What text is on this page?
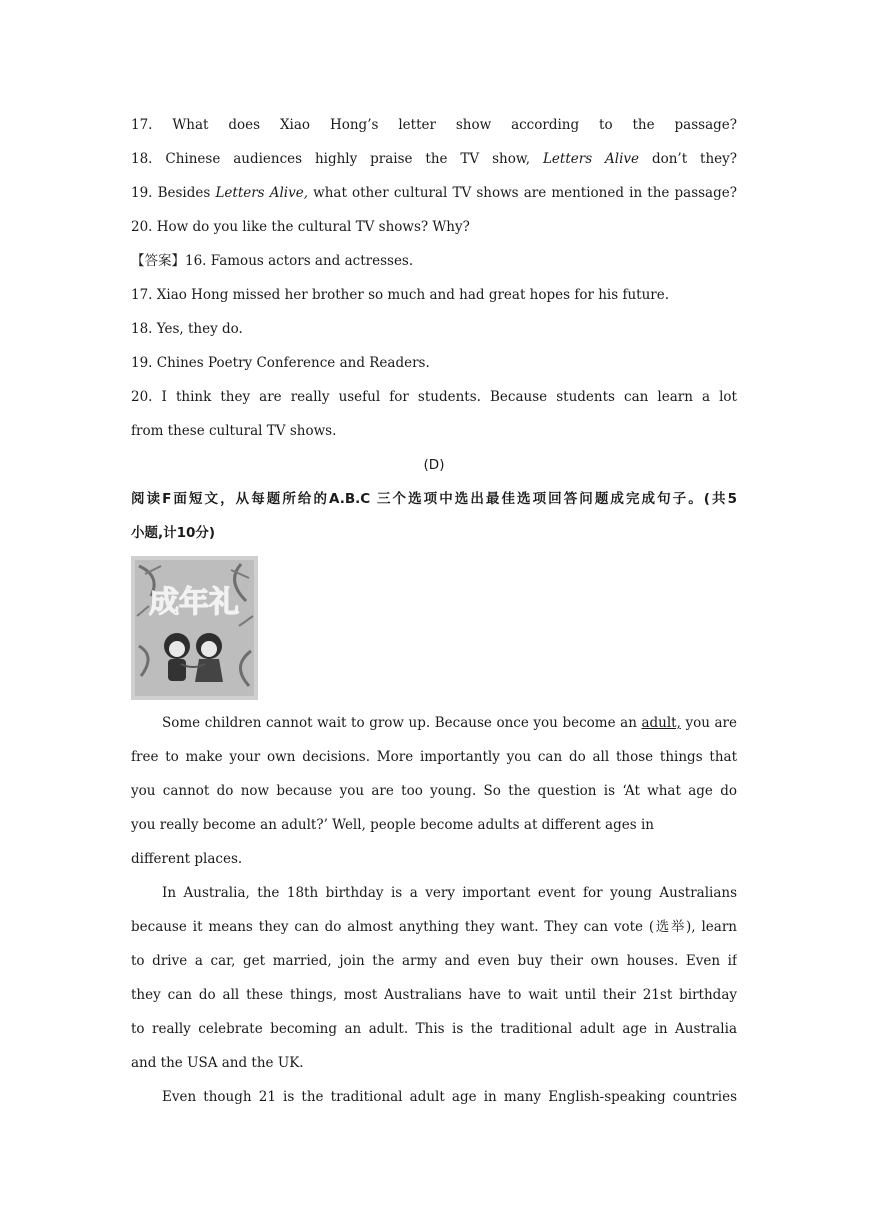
17. What does Xiao Hong’s letter show according to the passage?
18. Chinese audiences highly praise the TV show, Letters Alive don’t they?
19. Besides Letters Alive, what other cultural TV shows are mentioned in the passage?
20. How do you like the cultural TV shows? Why?
【答案】16. Famous actors and actresses.
17. Xiao Hong missed her brother so much and had great hopes for his future.
18. Yes, they do.
19. Chines Poetry Conference and Readers.
20. I think they are really useful for students. Because students can learn a lot
from these cultural TV shows.
(D)
阅读F面短文，从每题所给的A.B.C 三个选项中选出最佳选项回答问题成完成句子。(共5
小题,计10分)
成年礼
Some children cannot wait to grow up. Because once you become an adult, you are
free to make your own decisions. More importantly you can do all those things that
you cannot do now because you are too young. So the question is ‘At what age do
you really become an adult?’ Well, people become adults at different ages in
different places.
In Australia, the 18th birthday is a very important event for young Australians
because it means they can do almost anything they want. They can vote (选举), learn
to drive a car, get married, join the army and even buy their own houses. Even if
they can do all these things, most Australians have to wait until their 21st birthday
to really celebrate becoming an adult. This is the traditional adult age in Australia
and the USA and the UK.
Even though 21 is the traditional adult age in many English-speaking countries
